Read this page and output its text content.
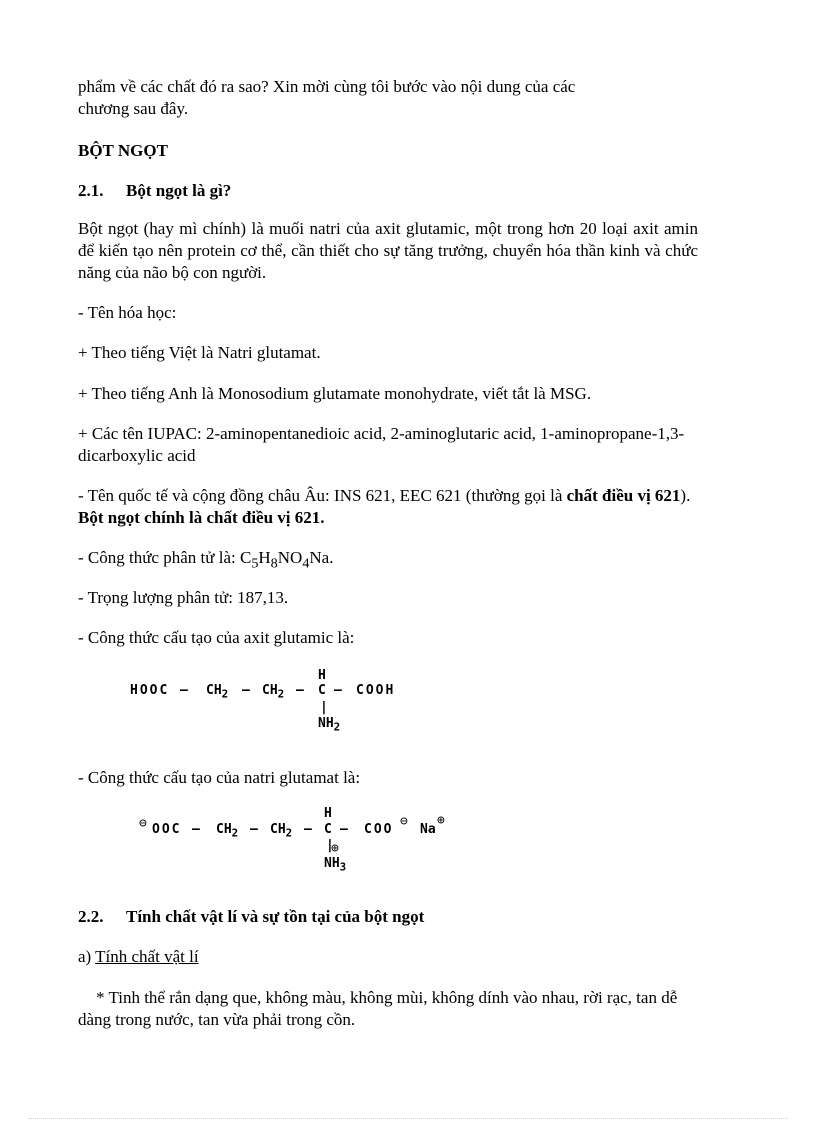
phẩm về các chất đó ra sao? Xin mời cùng tôi bước vào nội dung của các

chương sau đây.

BỘT NGỌT

2.1. Bột ngọt là gì?

Bột ngọt (hay mì chính) là muối natri của axit glutamic, một trong hơn 20 loại axit amin để kiến tạo nên protein cơ thể, cần thiết cho sự tăng trưởng, chuyển hóa thần kinh và chức năng của não bộ con người.

- Tên hóa học:

+ Theo tiếng Việt là Natri glutamat.

+ Theo tiếng Anh là Monosodium glutamate monohydrate, viết tắt là MSG.

+ Các tên IUPAC: 2-aminopentanedioic acid, 2-aminoglutaric acid, 1-aminopropane-1,3-dicarboxylic acid

- Tên quốc tế và cộng đồng châu Âu: INS 621, EEC 621 (thường gọi là chất điều vị 621). Bột ngọt chính là chất điều vị 621.

- Công thức phân tử là: $C_5H_8NO_4Na$.

- Trọng lượng phân tử: 187,13.

- Công thức cấu tạo của axit glutamic là:

H
HOOC — $CH_2$ — $CH_2$ — C — COOH
|
$NH_2$

- Công thức cấu tạo của natri glutamat là:

H
⊖ OOC — $CH_2$ — $CH_2$ — C — COO
⊖
Na
⊕
|
⊕
$NH_3$
2.2. Tính chất vật lí và sự tồn tại của bột ngọt

a) Tính chất vật lí

* Tinh thể rắn dạng que, không màu, không mùi, không dính vào nhau, rời rạc, tan dễ dàng trong nước, tan vừa phải trong cồn.
